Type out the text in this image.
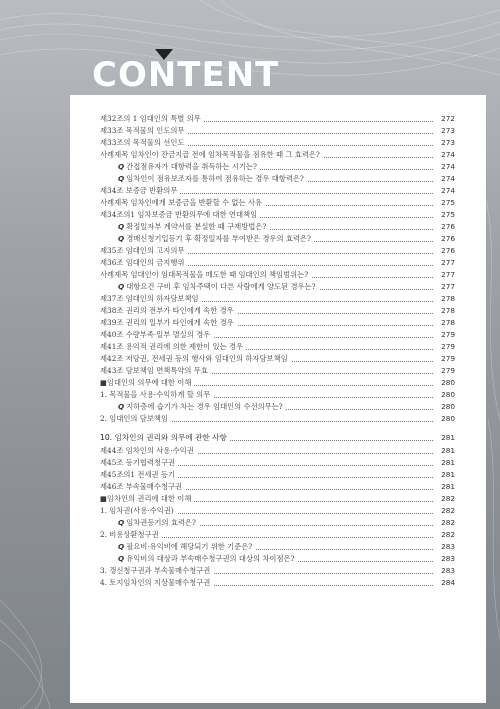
CONTENT
제32조의 1 임대인의 특별 의무	272
제33조 목적물의 인도의무	273
제33조의 목적물의 선인도	273
사례제목 임차인이 잔금지급 전에 임차목적물을 점유한 때 그 효력은?	274
Q 간접점유자가 대항력을 취득하는 시기는?	274
Q 임차인이 점유보조자를 통하여 점유하는 경우 대항력은?	274
제34조 보증금 반환의무	274
사례제목 임차인에게 보증금을 반환할 수 없는 사유	275
제34조의1 임차보증금 반환의무에 대한 연대책임	275
Q 확정일자부 계약서를 분실한 때 구제방법은?	276
Q 경매신청기입등기 후 확정일자를 부여받은 경우의 효력은?	276
제35조 임대인의 고지의무	276
제36조 임대인의 금지행위	277
사례제목 임대인이 임대목적물을 매도한 때 임대인의 책임범위는?	277
Q 대항요건 구비 후 임차주택이 다른 사람에게 양도된 경우는?	277
제37조 임대인의 하자담보책임	278
제38조 권리의 전부가 타인에게 속한 경우	278
제39조 권리의 일부가 타인에게 속한 경우	278
제40조 수량부족·일부 멸실의 경우	279
제41조 용익적 권리에 의한 제한이 있는 경우	279
제42조 저당권, 전세권 등의 행사와 임대인의 하자담보책임	279
제43조 담보책임 면책특약의 무효	279
■임대인의 의무에 대한 이해	280
1. 목적물을 사용·수익하게 할 의무	280
Q 지하층에 습기가 차는 경우 임대인의 수선의무는?	280
2. 임대인의 담보책임	280
10. 임차인의 권리와 의무에 관한 사항	281
제44조 임차인의 사용·수익권	281
제45조 등기협력청구권	281
제45조의1 전세권 등기	281
제46조 부속물매수청구권	281
■임차인의 권리에 대한 이해	282
1. 임차권(사용·수익권)	282
Q 임차권등기의 효력은?	282
2. 비용상환청구권	282
Q 필요비·유익비에 해당되기 위한 기준은?	283
Q 유익비의 대상과 부속매수청구권의 대상의 차이점은?	283
3. 갱신청구권과 부속물매수청구권	283
4. 토지임차인의 지상물매수청구권	284
